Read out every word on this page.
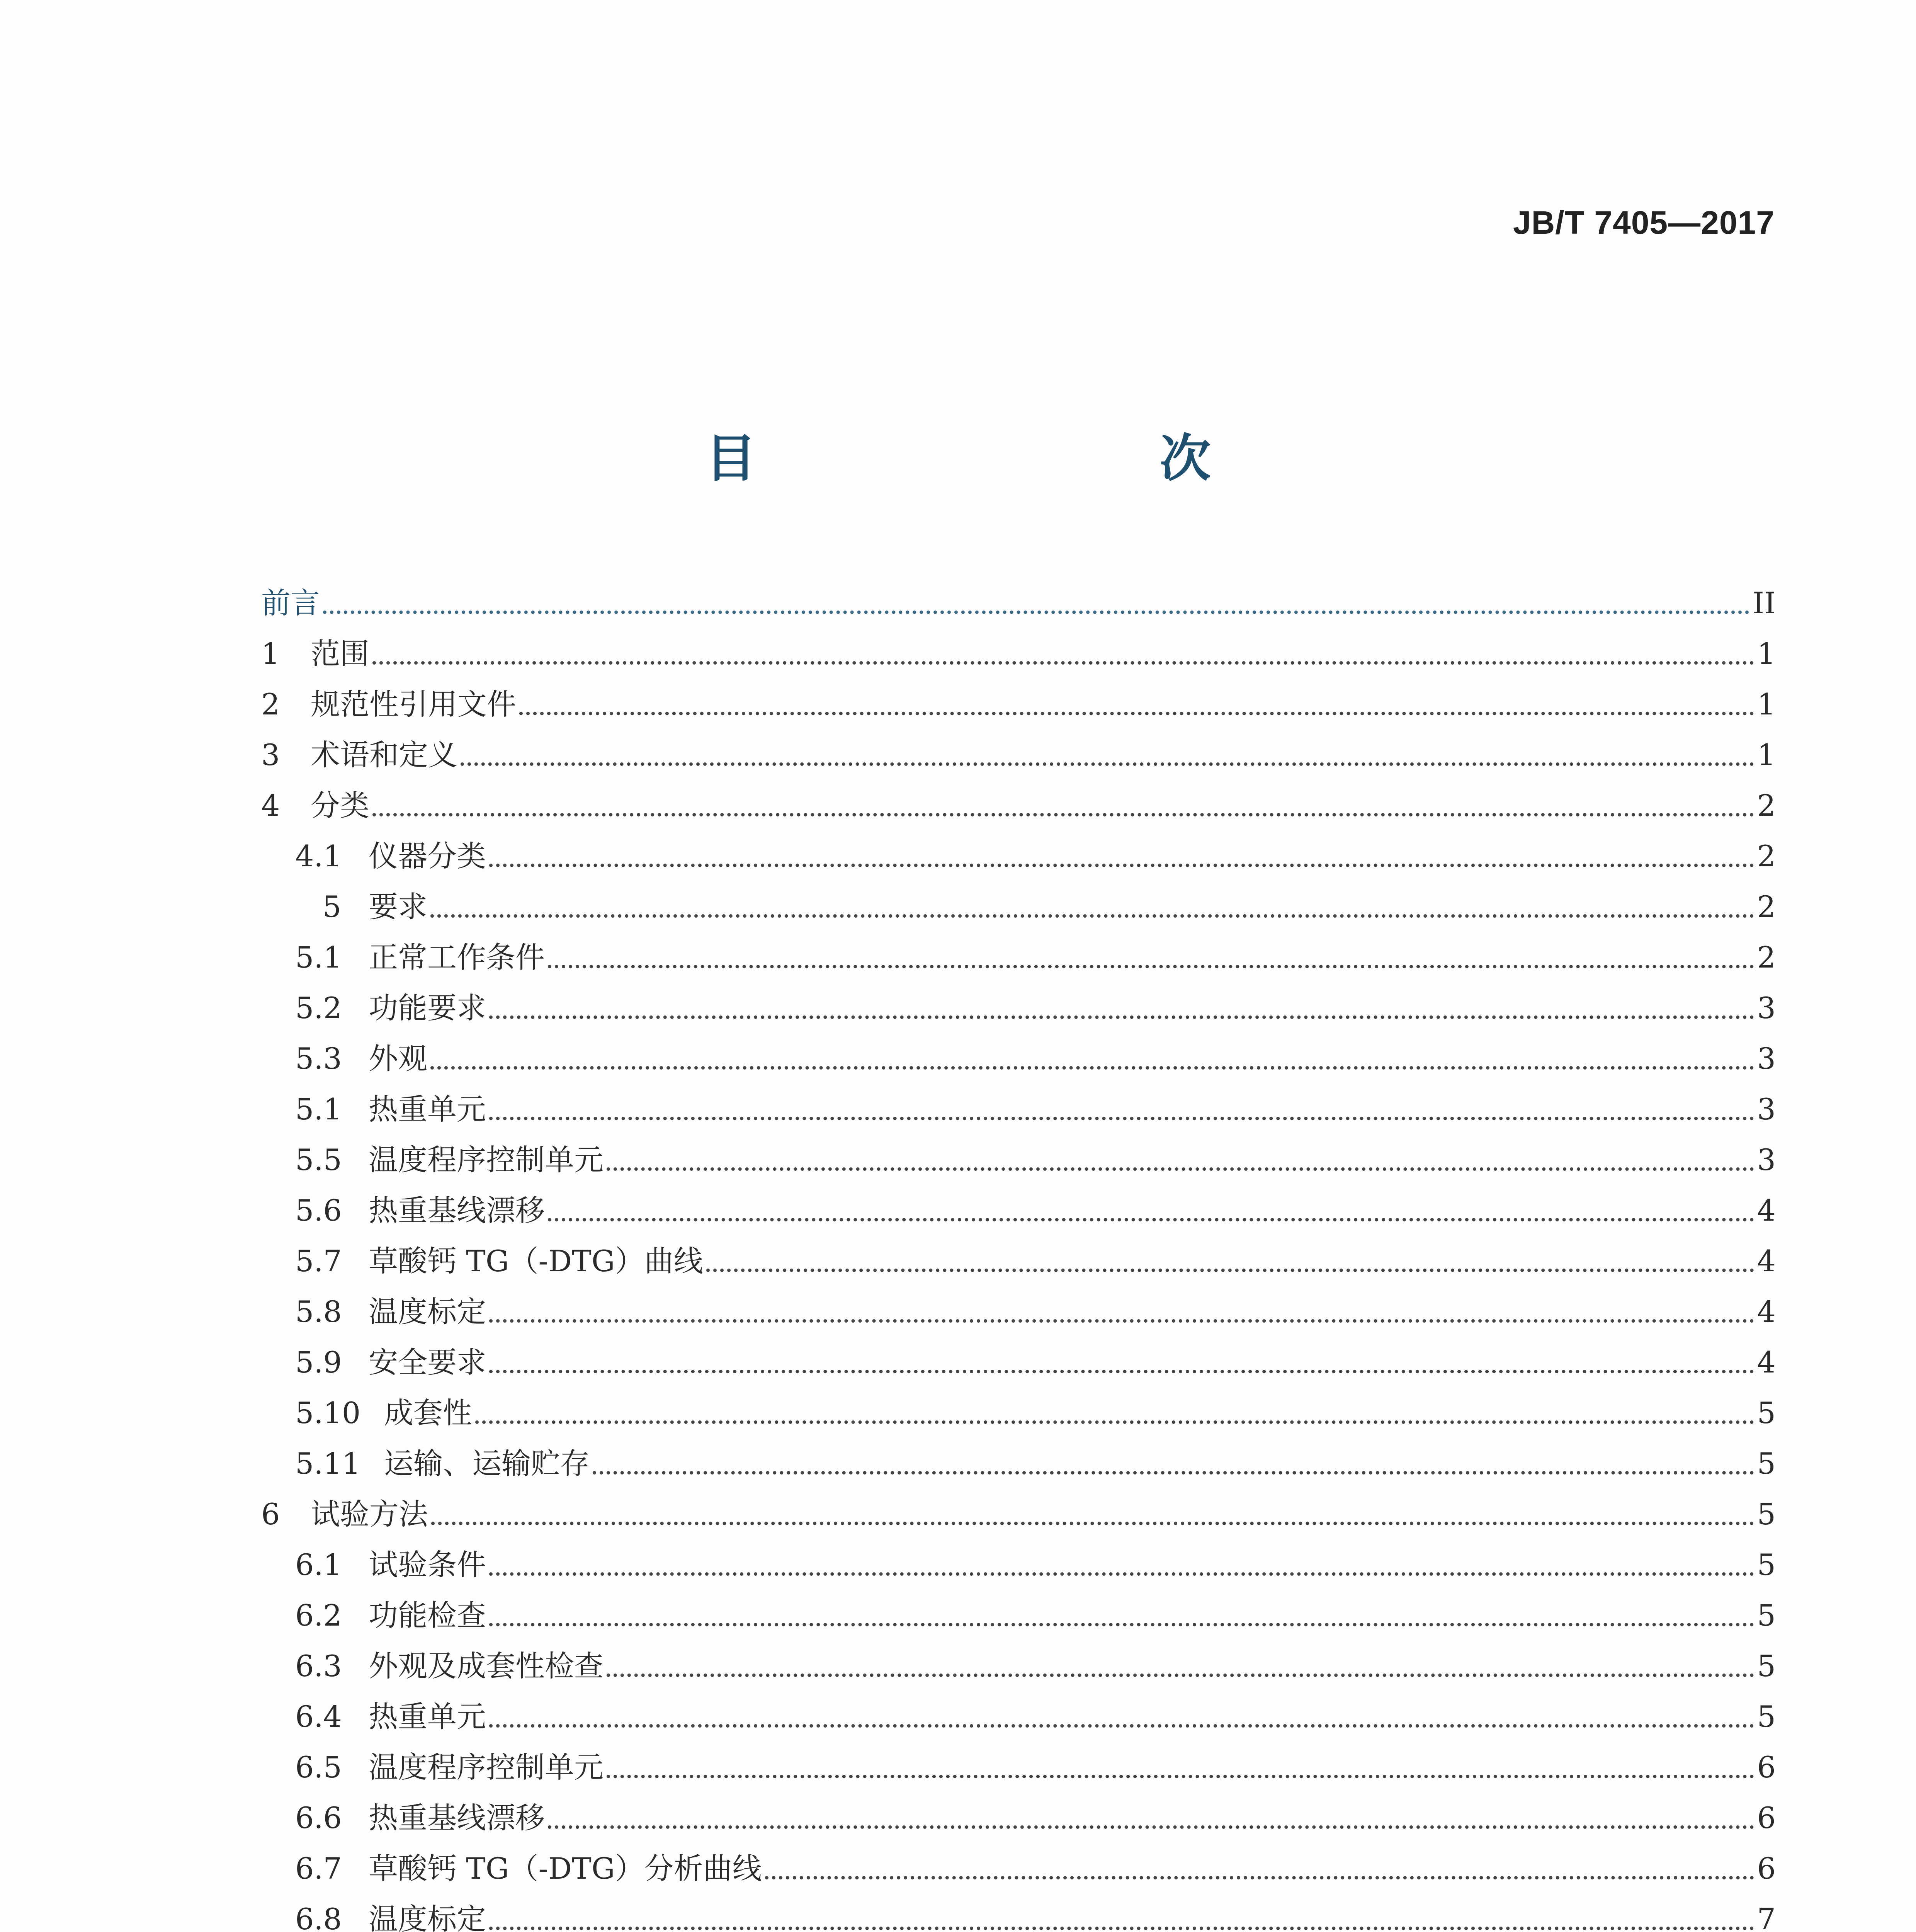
JB/T 7405—2017
目　　次
前言	II
1	范围	1
2	规范性引用文件	1
3	术语和定义	1
4	分类	2
4.1 仪器分类	2
5 要求	2
5.1 正常工作条件	2
5.2 功能要求	3
5.3 外观	3
5.1 热重单元	3
5.5 温度程序控制单元	3
5.6 热重基线漂移	4
5.7 草酸钙 TG（-DTG）曲线	4
5.8 温度标定	4
5.9 安全要求	4
5.10 成套性	5
5.11 运输、运输贮存	5
6	试验方法	5
6.1 试验条件	5
6.2 功能检查	5
6.3 外观及成套性检查	5
6.4 热重单元	5
6.5 温度程序控制单元	6
6.6 热重基线漂移	6
6.7 草酸钙 TG（-DTG）分析曲线	6
6.8 温度标定	7
